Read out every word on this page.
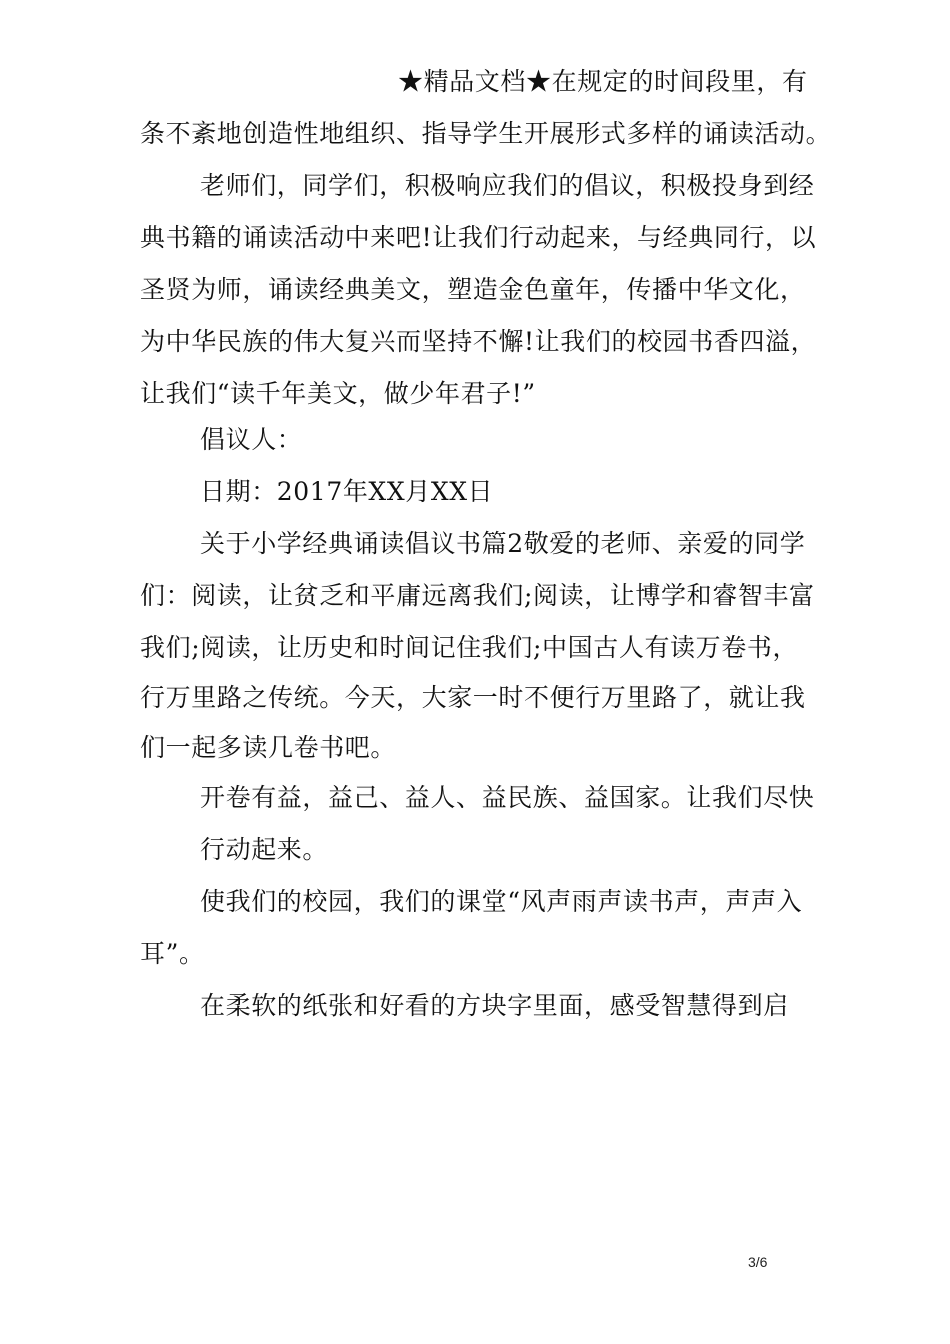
★精品文档★在规定的时间段里，有
条不紊地创造性地组织、指导学生开展形式多样的诵读活动。
老师们，同学们，积极响应我们的倡议，积极投身到经
典书籍的诵读活动中来吧!让我们行动起来，与经典同行，以
圣贤为师，诵读经典美文，塑造金色童年，传播中华文化，
为中华民族的伟大复兴而坚持不懈!让我们的校园书香四溢，
让我们“读千年美文，做少年君子!”
倡议人：
日期：2017年XX月XX日
关于小学经典诵读倡议书篇2敬爱的老师、亲爱的同学
们：阅读，让贫乏和平庸远离我们;阅读，让博学和睿智丰富
我们;阅读，让历史和时间记住我们;中国古人有读万卷书，
行万里路之传统。今天，大家一时不便行万里路了，就让我
们一起多读几卷书吧。
开卷有益，益己、益人、益民族、益国家。让我们尽快
行动起来。
使我们的校园，我们的课堂“风声雨声读书声，声声入
耳”。
在柔软的纸张和好看的方块字里面，感受智慧得到启
3/6
